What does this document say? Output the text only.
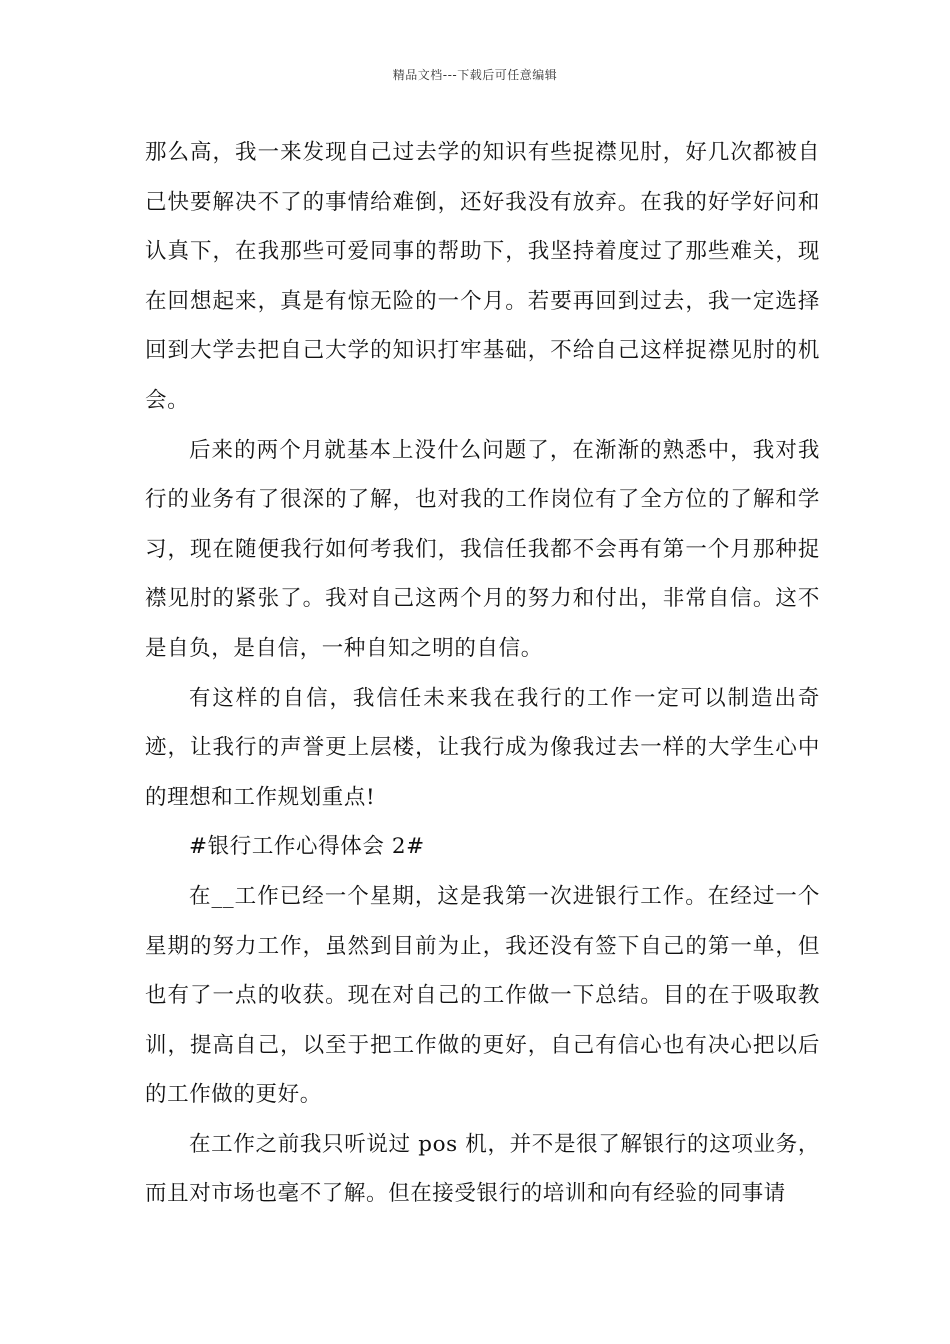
精品文档---下载后可任意编辑

那么高，我一来发现自己过去学的知识有些捉襟见肘，好几次都被自己快要解决不了的事情给难倒，还好我没有放弃。在我的好学好问和认真下，在我那些可爱同事的帮助下，我坚持着度过了那些难关，现在回想起来，真是有惊无险的一个月。若要再回到过去，我一定选择回到大学去把自己大学的知识打牢基础，不给自己这样捉襟见肘的机会。

后来的两个月就基本上没什么问题了，在渐渐的熟悉中，我对我行的业务有了很深的了解，也对我的工作岗位有了全方位的了解和学习，现在随便我行如何考我们，我信任我都不会再有第一个月那种捉襟见肘的紧张了。我对自己这两个月的努力和付出，非常自信。这不是自负，是自信，一种自知之明的自信。

有这样的自信，我信任未来我在我行的工作一定可以制造出奇迹，让我行的声誉更上层楼，让我行成为像我过去一样的大学生心中的理想和工作规划重点!

#银行工作心得体会 2#

在__工作已经一个星期，这是我第一次进银行工作。在经过一个星期的努力工作，虽然到目前为止，我还没有签下自己的第一单，但也有了一点的收获。现在对自己的工作做一下总结。目的在于吸取教训，提高自己，以至于把工作做的更好，自己有信心也有决心把以后的工作做的更好。

在工作之前我只听说过 pos 机，并不是很了解银行的这项业务，而且对市场也毫不了解。但在接受银行的培训和向有经验的同事请
